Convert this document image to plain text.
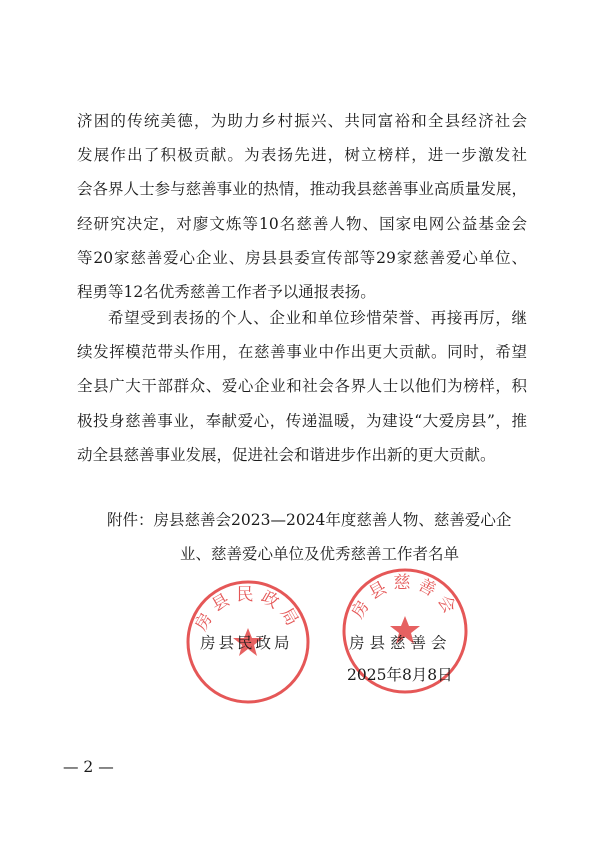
济困的传统美德，为助力乡村振兴、共同富裕和全县经济社会
发展作出了积极贡献。为表扬先进，树立榜样，进一步激发社
会各界人士参与慈善事业的热情，推动我县慈善事业高质量发展，
经研究决定，对廖文炼等10名慈善人物、国家电网公益基金会
等20家慈善爱心企业、房县县委宣传部等29家慈善爱心单位、
程勇等12名优秀慈善工作者予以通报表扬。
希望受到表扬的个人、企业和单位珍惜荣誉、再接再厉，继
续发挥模范带头作用，在慈善事业中作出更大贡献。同时，希望
全县广大干部群众、爱心企业和社会各界人士以他们为榜样，积
极投身慈善事业，奉献爱心，传递温暖，为建设“大爱房县”，推
动全县慈善事业发展，促进社会和谐进步作出新的更大贡献。
附件：房县慈善会2023—2024年度慈善人物、慈善爱心企
业、慈善爱心单位及优秀慈善工作者名单
房县民政局	房县慈善会
房县民政局	房县慈善会
2025年8月8日
— 2 —
